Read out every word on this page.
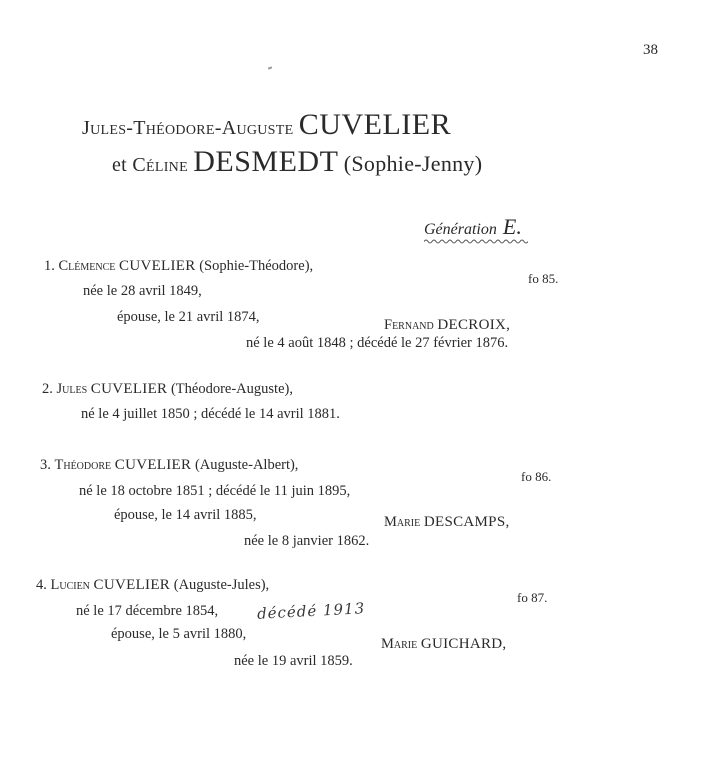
38
Jules-Théodore-Auguste CUVELIER
et Céline DESMEDT (Sophie-Jenny)
Génération E.
1. Clémence CUVELIER (Sophie-Théodore),
fo 85.
née le 28 avril 1849,
épouse, le 21 avril 1874,	Fernand DECROIX,
né le 4 août 1848 ; décédé le 27 février 1876.
2. Jules CUVELIER (Théodore-Auguste),
né le 4 juillet 1850 ; décédé le 14 avril 1881.
3. Théodore CUVELIER (Auguste-Albert),
fo 86.
né le 18 octobre 1851 ; décédé le 11 juin 1895,
épouse, le 14 avril 1885,	Marie DESCAMPS,
née le 8 janvier 1862.
4. Lucien CUVELIER (Auguste-Jules),
fo 87.
né le 17 décembre 1854,	décédé 1913
épouse, le 5 avril 1880,
Marie GUICHARD,
née le 19 avril 1859.
